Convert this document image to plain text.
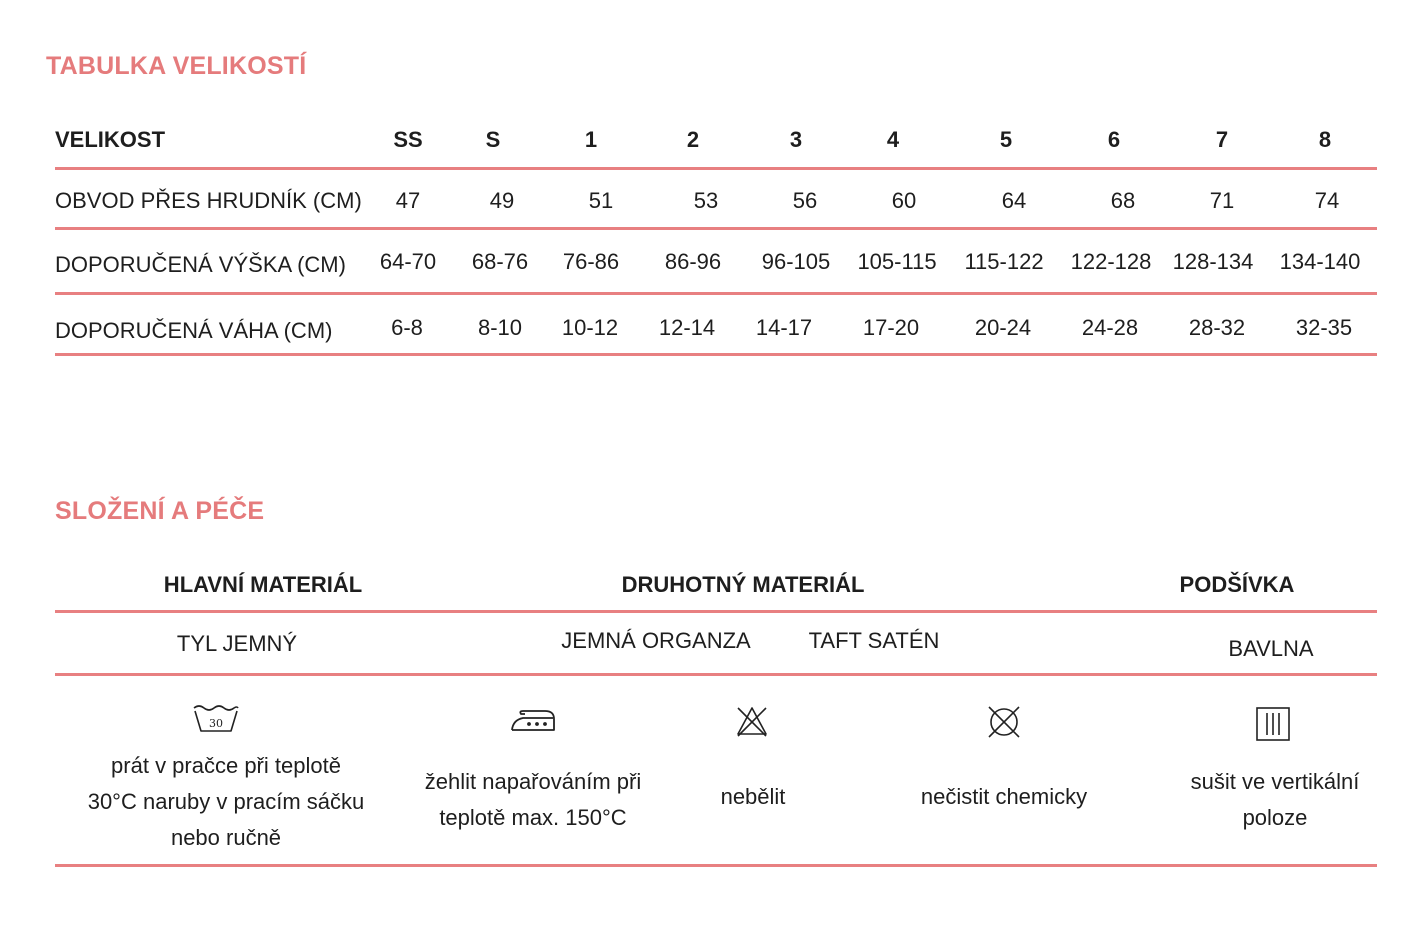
TABULKA VELIKOSTÍ
VELIKOST	SS	S	1	2	3	4	5	6	7	8
OBVOD PŘES HRUDNÍK (CM) 47	49	51	53	56	60	64	68	71	74
DOPORUČENÁ VÝŠKA (CM) 64-70 68-76 76-86 86-96 96-105 105-115 115-122 122-128 128-134 134-140
DOPORUČENÁ VÁHA (CM)	6-8	8-10 10-12 12-14 14-17 17-20	20-24 24-28 28-32 32-35
SLOŽENÍ A PÉČE
HLAVNÍ MATERIÁL	DRUHOTNÝ MATERIÁL	PODŠÍVKA
TYL JEMNÝ	JEMNÁ ORGANZA	TAFT SATÉN	BAVLNA
30
prát v pračce při teplotě
30°C naruby v pracím sáčku
nebo ručně
žehlit napařováním při
teplotě max. 150°C
nebělit	nečistit chemicky
sušit ve vertikální
poloze
